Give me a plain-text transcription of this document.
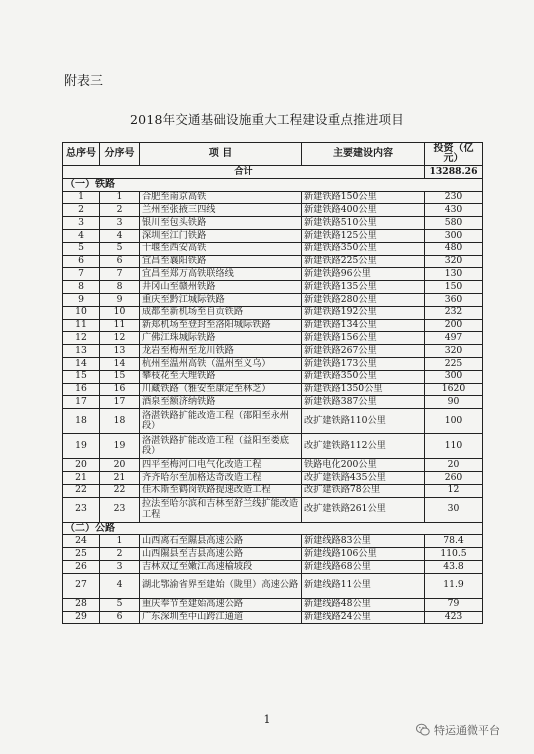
附表三
2018年交通基础设施重大工程建设重点推进项目
总序号	分序号	项 目	主要建设内容	投资（亿元）
合计				13288.26
（一）铁路				
1	1	合肥至南京高铁	新建铁路150公里	230
2	2	兰州至张掖三四线	新建铁路400公里	430
3	3	银川至包头铁路	新建铁路510公里	580
4	4	深圳至江门铁路	新建铁路125公里	300
5	5	十堰至西安高铁	新建铁路350公里	480
6	6	宜昌至襄阳铁路	新建铁路225公里	320
7	7	宜昌至郑万高铁联络线	新建铁路96公里	130
8	8	井冈山至赣州铁路	新建铁路135公里	150
9	9	重庆至黔江城际铁路	新建铁路280公里	360
10	10	成都至新机场至自贡铁路	新建铁路192公里	232
11	11	新郑机场至登封至洛阳城际铁路	新建铁路134公里	200
12	12	广佛江珠城际铁路	新建铁路156公里	497
13	13	龙岩至梅州至龙川铁路	新建铁路267公里	320
14	14	杭州至温州高铁（温州至义乌）	新建铁路173公里	225
15	15	攀枝花至大理铁路	新建铁路350公里	300
16	16	川藏铁路（雅安至康定至林芝）	新建铁路1350公里	1620
17	17	酒泉至额济纳铁路	新建铁路387公里	90
18	18	洛湛铁路扩能改造工程（邵阳至永州段）	改扩建铁路110公里	100
19	19	洛湛铁路扩能改造工程（益阳至娄底段）	改扩建铁路112公里	110
20	20	四平至梅河口电气化改造工程	铁路电化200公里	20
21	21	齐齐哈尔至加格达奇改造工程	改扩建铁路435公里	260
22	22	佳木斯至鹤岗铁路提速改造工程	改扩建铁路78公里	12
23	23	拉法至哈尔滨和吉林至舒兰线扩能改造工程	改扩建铁路261公里	30
（二）公路				
24	1	山西离石至隰县高速公路	新建线路83公里	78.4
25	2	山西隰县至吉县高速公路	新建线路106公里	110.5
26	3	吉林双辽至嫩江高速榆坡段	新建线路68公里	43.8
27	4	湖北鄂渝省界至建始（陇里）高速公路	新建线路11公里	11.9
28	5	重庆奉节至建始高速公路	新建线路48公里	79
29	6	广东深圳至中山跨江通道	新建线路24公里	423
1
特运通微平台
